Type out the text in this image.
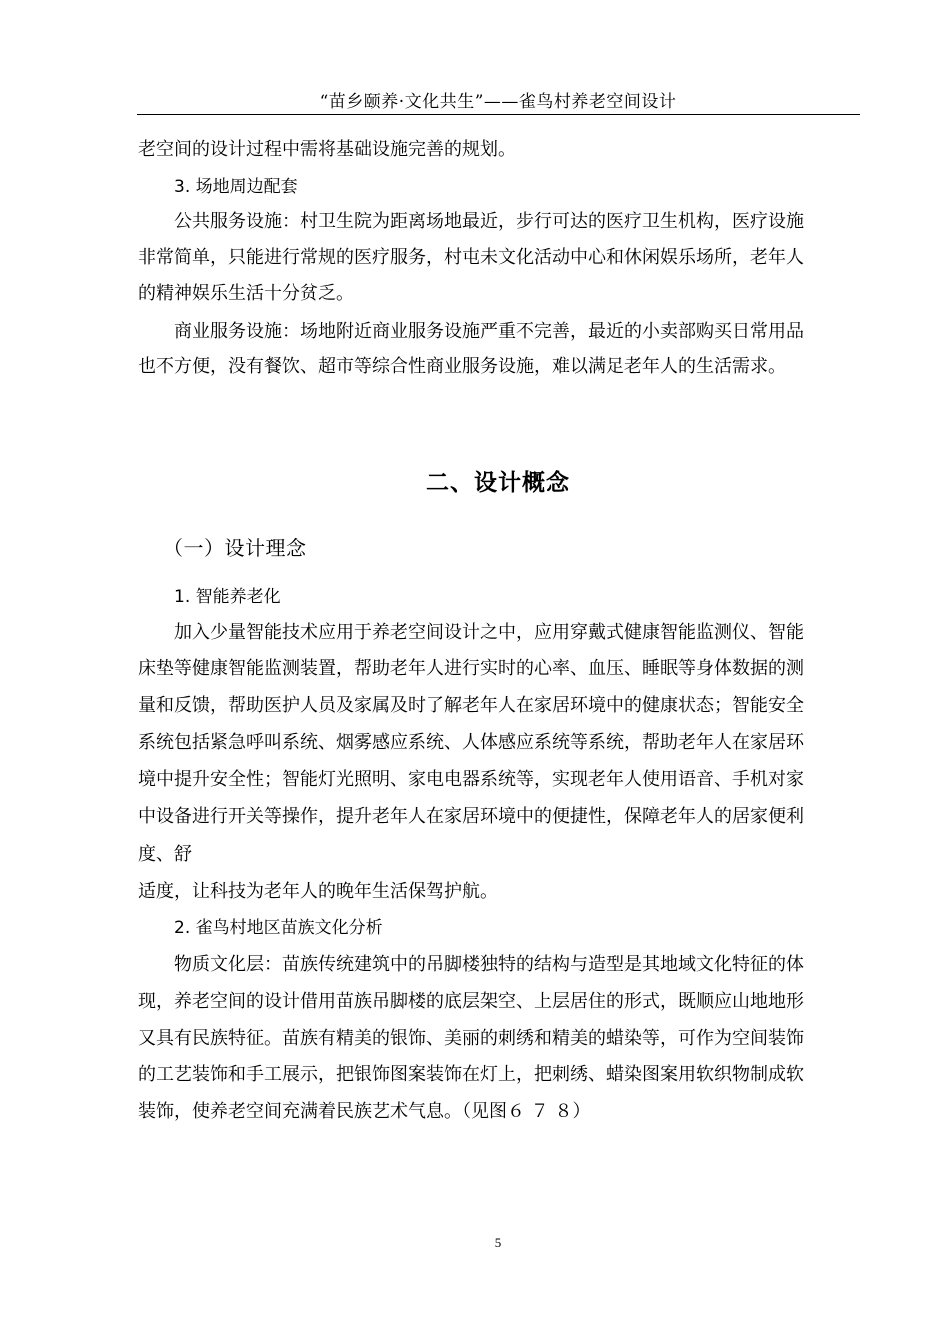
“苗乡颐养·文化共生”——雀鸟村养老空间设计
老空间的设计过程中需将基础设施完善的规划。
3. 场地周边配套
公共服务设施：村卫生院为距离场地最近，步行可达的医疗卫生机构，医疗设施
非常简单，只能进行常规的医疗服务，村屯未文化活动中心和休闲娱乐场所，老年人
的精神娱乐生活十分贫乏。
商业服务设施：场地附近商业服务设施严重不完善，最近的小卖部购买日常用品
也不方便，没有餐饮、超市等综合性商业服务设施，难以满足老年人的生活需求。
二、设计概念
（一）设计理念
1. 智能养老化
加入少量智能技术应用于养老空间设计之中，应用穿戴式健康智能监测仪、智能
床垫等健康智能监测装置，帮助老年人进行实时的心率、血压、睡眠等身体数据的测
量和反馈，帮助医护人员及家属及时了解老年人在家居环境中的健康状态；智能安全
系统包括紧急呼叫系统、烟雾感应系统、人体感应系统等系统，帮助老年人在家居环
境中提升安全性；智能灯光照明、家电电器系统等，实现老年人使用语音、手机对家
中设备进行开关等操作，提升老年人在家居环境中的便捷性，保障老年人的居家便利
度、舒
适度，让科技为老年人的晚年生活保驾护航。
2. 雀鸟村地区苗族文化分析
物质文化层：苗族传统建筑中的吊脚楼独特的结构与造型是其地域文化特征的体
现，养老空间的设计借用苗族吊脚楼的底层架空、上层居住的形式，既顺应山地地形
又具有民族特征。苗族有精美的银饰、美丽的刺绣和精美的蜡染等，可作为空间装饰
的工艺装饰和手工展示，把银饰图案装饰在灯上，把刺绣、蜡染图案用软织物制成软
装饰，使养老空间充满着民族艺术气息。（见图６ ７ ８）
5
